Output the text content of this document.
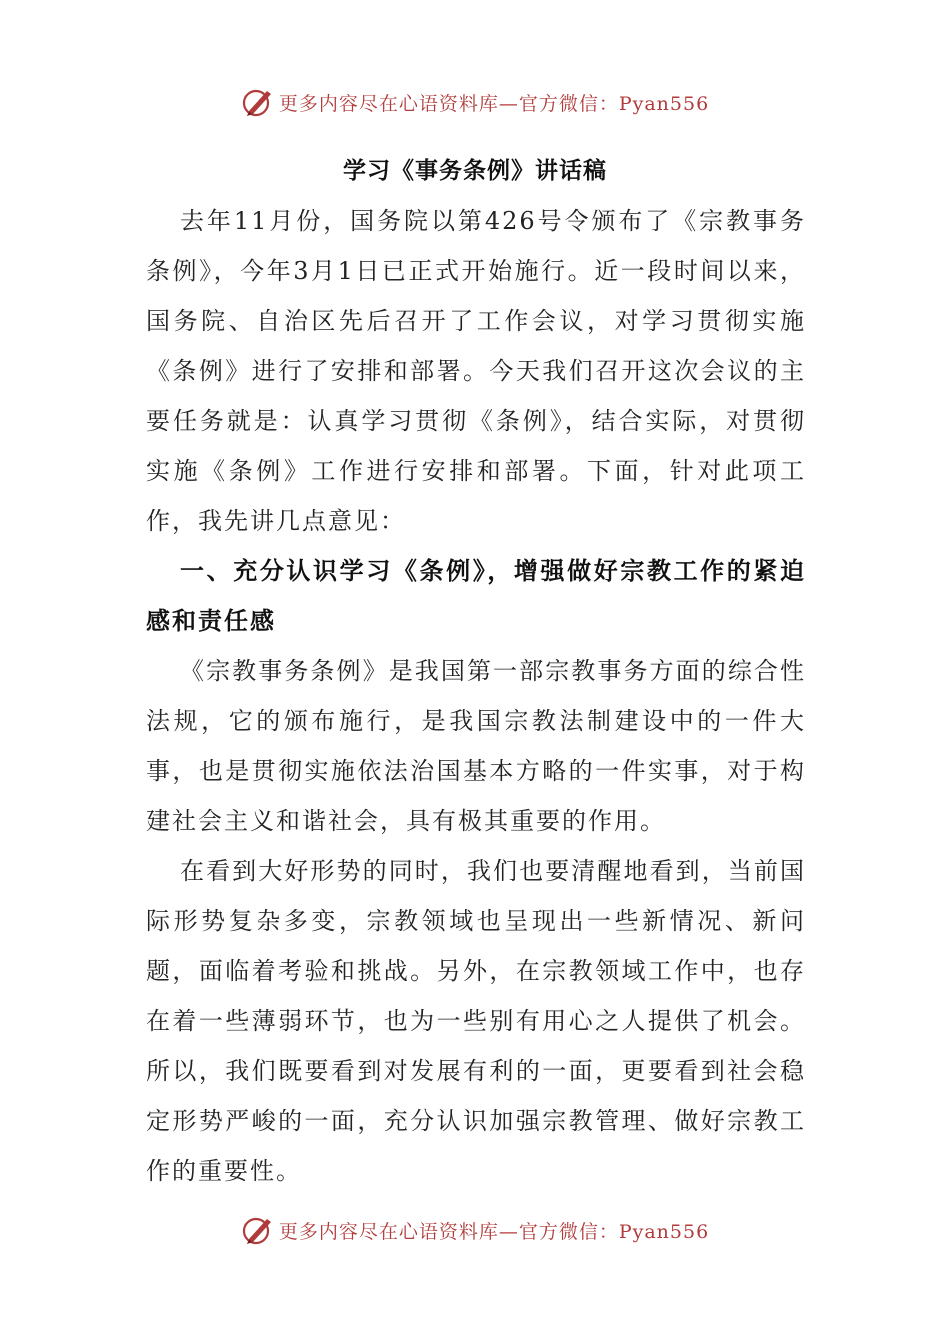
更多内容尽在心语资料库—官方微信：Pyan556
学习《事务条例》讲话稿

去年11月份，国务院以第426号令颁布了《宗教事务条例》，今年3月1日已正式开始施行。近一段时间以来，国务院、自治区先后召开了工作会议，对学习贯彻实施《条例》进行了安排和部署。今天我们召开这次会议的主要任务就是：认真学习贯彻《条例》，结合实际，对贯彻实施《条例》工作进行安排和部署。下面，针对此项工作，我先讲几点意见：

一、充分认识学习《条例》，增强做好宗教工作的紧迫感和责任感

《宗教事务条例》是我国第一部宗教事务方面的综合性法规，它的颁布施行，是我国宗教法制建设中的一件大事，也是贯彻实施依法治国基本方略的一件实事，对于构建社会主义和谐社会，具有极其重要的作用。

在看到大好形势的同时，我们也要清醒地看到，当前国际形势复杂多变，宗教领域也呈现出一些新情况、新问题，面临着考验和挑战。另外，在宗教领域工作中，也存在着一些薄弱环节，也为一些别有用心之人提供了机会。所以，我们既要看到对发展有利的一面，更要看到社会稳定形势严峻的一面，充分认识加强宗教管理、做好宗教工作的重要性。

更多内容尽在心语资料库—官方微信：Pyan556
